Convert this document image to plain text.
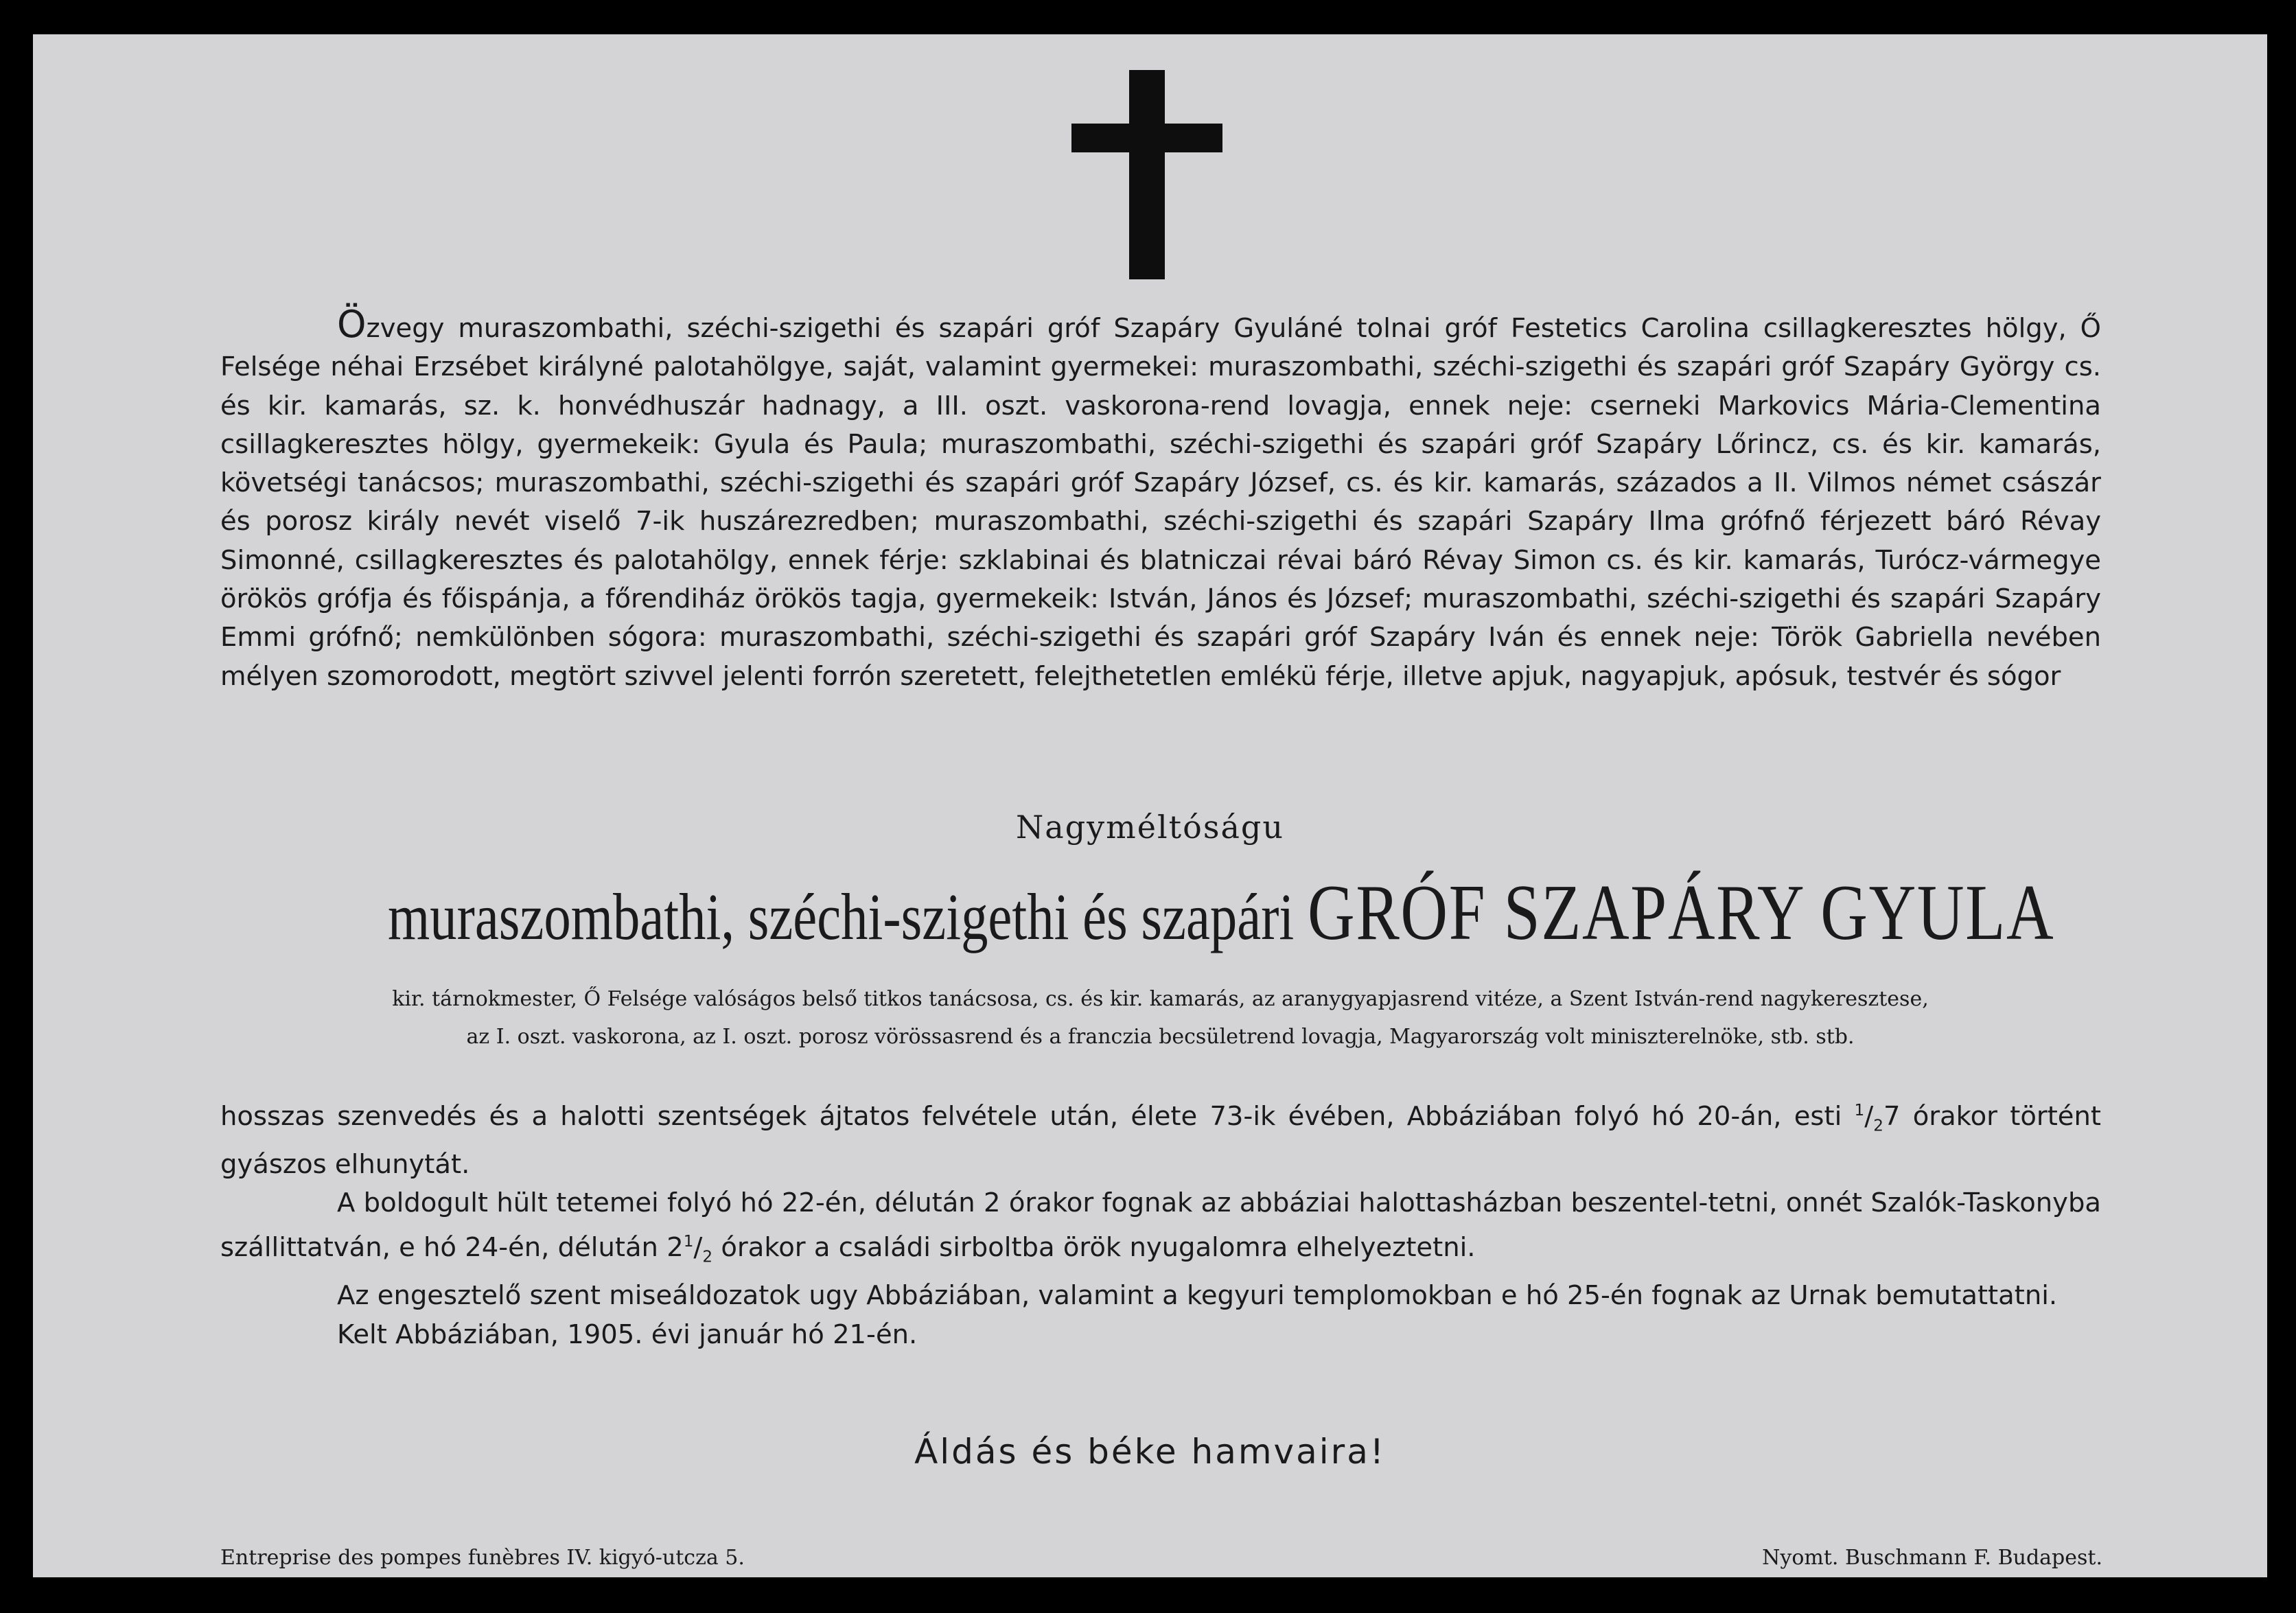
Özvegy muraszombathi, széchi-szigethi és szapári gróf Szapáry Gyuláné tolnai gróf Festetics Carolina csillagkeresztes hölgy, Ő Felsége néhai Erzsébet királyné palotahölgye, saját, valamint gyermekei: muraszombathi, széchi-szigethi és szapári gróf Szapáry György cs. és kir. kamarás, sz. k. honvédhuszár hadnagy, a III. oszt. vaskorona-rend lovagja, ennek neje: cserneki Markovics Mária-Clementina csillagkeresztes hölgy, gyermekeik: Gyula és Paula; muraszombathi, széchi-szigethi és szapári gróf Szapáry Lőrincz, cs. és kir. kamarás, követségi tanácsos; muraszombathi, széchi-szigethi és szapári gróf Szapáry József, cs. és kir. kamarás, százados a II. Vilmos német császár és porosz király nevét viselő 7-ik huszárezredben; muraszombathi, széchi-szigethi és szapári Szapáry Ilma grófnő férjezett báró Révay Simonné, csillagkeresztes és palotahölgy, ennek férje: szklabinai és blatniczai révai báró Révay Simon cs. és kir. kamarás, Turócz-vármegye örökös grófja és főispánja, a főrendiház örökös tagja, gyermekeik: István, János és József; muraszombathi, széchi-szigethi és szapári Szapáry Emmi grófnő; nemkülönben sógora: muraszombathi, széchi-szigethi és szapári gróf Szapáry Iván és ennek neje: Török Gabriella nevében mélyen szomorodott, megtört szivvel jelenti forrón szeretett, felejthetetlen emlékü férje, illetve apjuk, nagyapjuk, apósuk, testvér és sógor

Nagyméltóságu

muraszombathi, széchi-szigethi és szapári GRÓF SZAPÁRY GYULA

kir. tárnokmester, Ő Felsége valóságos belső titkos tanácsosa, cs. és kir. kamarás, az aranygyapjasrend vitéze, a Szent István-rend nagykeresztese,
az I. oszt. vaskorona, az I. oszt. porosz vörössasrend és a franczia becsületrend lovagja, Magyarország volt miniszterelnöke, stb. stb.

hosszas szenvedés és a halotti szentségek ájtatos felvétele után, élete 73-ik évében, Abbáziában folyó hó 20-án, esti $^1/_27$ órakor történt gyászos elhunytát.

A boldogult hült tetemei folyó hó 22-én, délután 2 órakor fognak az abbáziai halottasházban beszentel-tetni, onnét Szalók-Taskonyba szállittatván, e hó 24-én, délután $2^1/_2$ órakor a családi sirboltba örök nyugalomra elhelyeztetni.

Az engesztelő szent miseáldozatok ugy Abbáziában, valamint a kegyuri templomokban e hó 25-én fognak az Urnak bemutattatni.

Kelt Abbáziában, 1905. évi január hó 21-én.

Áldás és béke hamvaira!

Entreprise des pompes funèbres IV. kigyó-utcza 5.	Nyomt. Buschmann F. Budapest.
